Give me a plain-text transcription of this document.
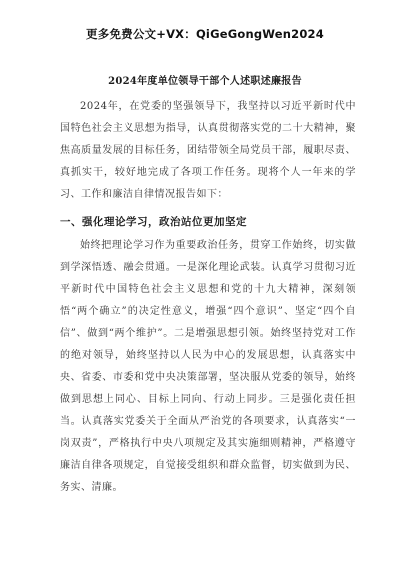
更多免费公文+VX：QiGeGongWen2024
2024年度单位领导干部个人述职述廉报告

2024年，在党委的坚强领导下，我坚持以习近平新时代中国特色社会主义思想为指导，认真贯彻落实党的二十大精神，聚焦高质量发展的目标任务，团结带领全局党员干部，履职尽责、真抓实干，较好地完成了各项工作任务。现将个人一年来的学习、工作和廉洁自律情况报告如下：

一、强化理论学习，政治站位更加坚定

始终把理论学习作为重要政治任务，贯穿工作始终，切实做到学深悟透、融会贯通。一是深化理论武装。认真学习贯彻习近平新时代中国特色社会主义思想和党的十九大精神，深刻领悟“两个确立”的决定性意义，增强“四个意识”、坚定“四个自信”、做到“两个维护”。二是增强思想引领。始终坚持党对工作的绝对领导，始终坚持以人民为中心的发展思想，认真落实中央、省委、市委和党中央决策部署，坚决服从党委的领导，始终做到思想上同心、目标上同向、行动上同步。三是强化责任担当。认真落实党委关于全面从严治党的各项要求，认真落实“一岗双责”，严格执行中央八项规定及其实施细则精神，严格遵守廉洁自律各项规定，自觉接受组织和群众监督，切实做到为民、务实、清廉。
